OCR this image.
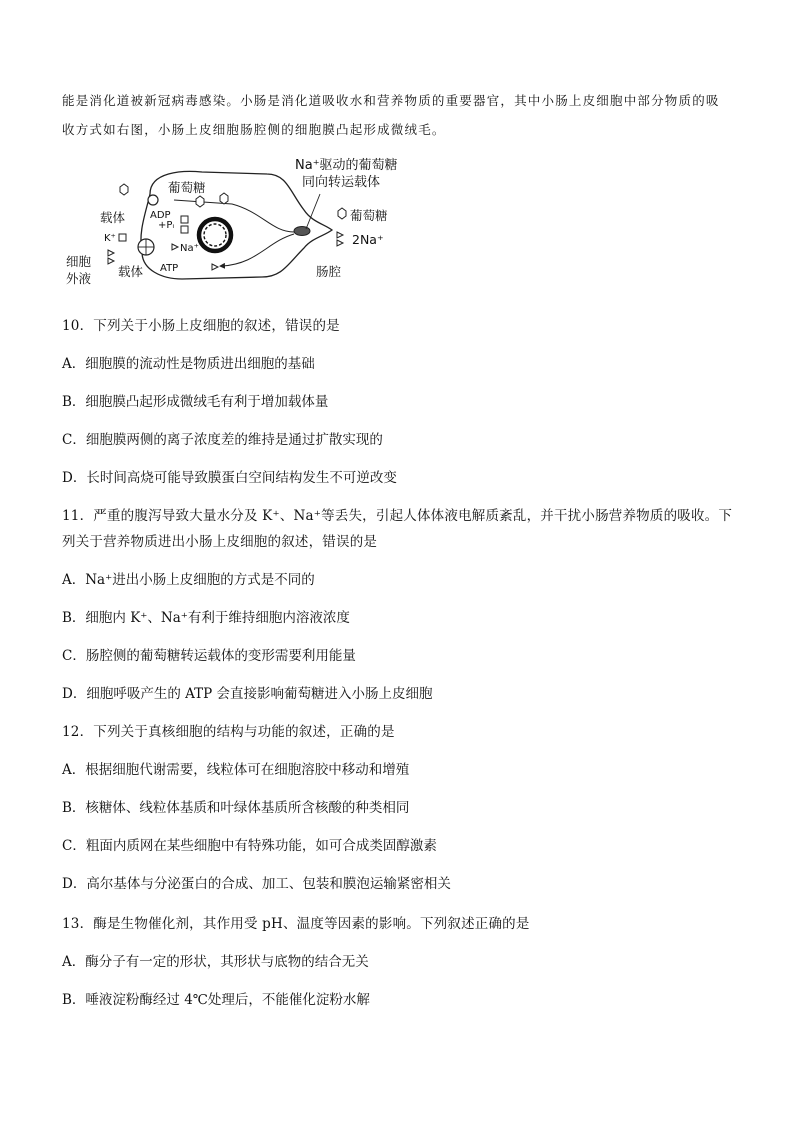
能是消化道被新冠病毒感染。小肠是消化道吸收水和营养物质的重要器官，其中小肠上皮细胞中部分物质的吸

收方式如右图，小肠上皮细胞肠腔侧的细胞膜凸起形成微绒毛。

Na⁺驱动的葡萄糖
同向转运载体
葡萄糖
葡萄糖
2Na⁺
肠腔
载体 ADP
+Pᵢ
K⁺
Na⁺
ATP
载体
细胞
外液
10．下列关于小肠上皮细胞的叙述，错误的是
A．细胞膜的流动性是物质进出细胞的基础
B．细胞膜凸起形成微绒毛有利于增加载体量
C．细胞膜两侧的离子浓度差的维持是通过扩散实现的
D．长时间高烧可能导致膜蛋白空间结构发生不可逆改变
11．严重的腹泻导致大量水分及 K⁺、Na⁺等丢失，引起人体体液电解质紊乱，并干扰小肠营养物质的吸收。下
列关于营养物质进出小肠上皮细胞的叙述，错误的是
A．Na⁺进出小肠上皮细胞的方式是不同的
B．细胞内 K⁺、Na⁺有利于维持细胞内溶液浓度
C．肠腔侧的葡萄糖转运载体的变形需要利用能量
D．细胞呼吸产生的 ATP 会直接影响葡萄糖进入小肠上皮细胞
12．下列关于真核细胞的结构与功能的叙述，正确的是
A．根据细胞代谢需要，线粒体可在细胞溶胶中移动和增殖
B．核糖体、线粒体基质和叶绿体基质所含核酸的种类相同
C．粗面内质网在某些细胞中有特殊功能，如可合成类固醇激素
D．高尔基体与分泌蛋白的合成、加工、包装和膜泡运输紧密相关
13．酶是生物催化剂，其作用受 pH、温度等因素的影响。下列叙述正确的是
A．酶分子有一定的形状，其形状与底物的结合无关
B．唾液淀粉酶经过 4℃处理后，不能催化淀粉水解
